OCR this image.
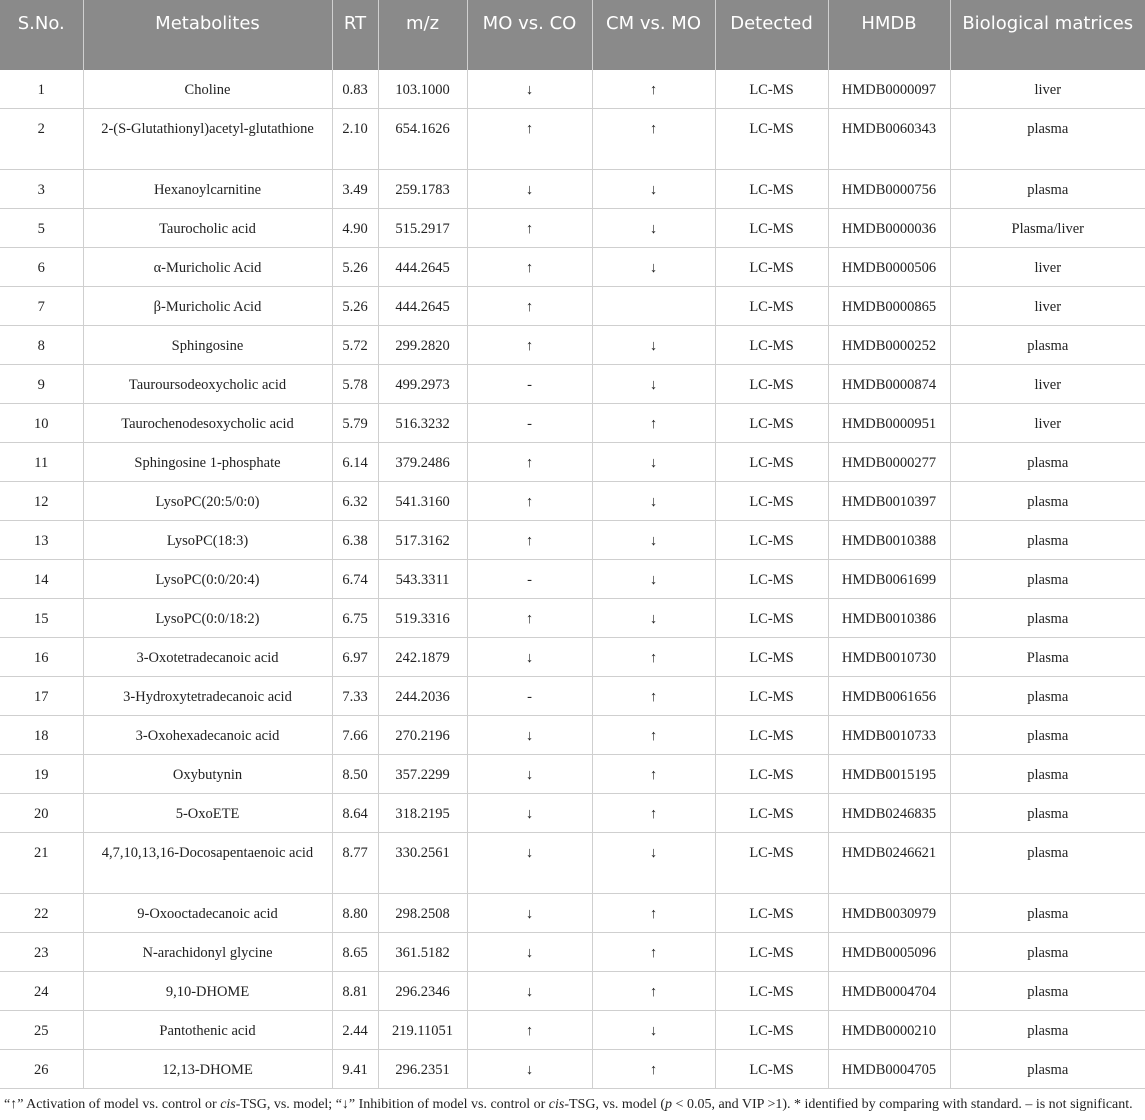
S.No.	Metabolites	RT	m/z	MO vs. CO	CM vs. MO	Detected	HMDB	Biological matrices
1	Choline	0.83	103.1000	↓	↑	LC-MS	HMDB0000097	liver
2	2-(S-Glutathionyl)acetyl-glutathione	2.10	654.1626	↑	↑	LC-MS	HMDB0060343	plasma
3	Hexanoylcarnitine	3.49	259.1783	↓	↓	LC-MS	HMDB0000756	plasma
5	Taurocholic acid	4.90	515.2917	↑	↓	LC-MS	HMDB0000036	Plasma/liver
6	α-Muricholic Acid	5.26	444.2645	↑	↓	LC-MS	HMDB0000506	liver
7	β-Muricholic Acid	5.26	444.2645	↑		LC-MS	HMDB0000865	liver
8	Sphingosine	5.72	299.2820	↑	↓	LC-MS	HMDB0000252	plasma
9	Tauroursodeoxycholic acid	5.78	499.2973	-	↓	LC-MS	HMDB0000874	liver
10	Taurochenodesoxycholic acid	5.79	516.3232	-	↑	LC-MS	HMDB0000951	liver
11	Sphingosine 1-phosphate	6.14	379.2486	↑	↓	LC-MS	HMDB0000277	plasma
12	LysoPC(20:5/0:0)	6.32	541.3160	↑	↓	LC-MS	HMDB0010397	plasma
13	LysoPC(18:3)	6.38	517.3162	↑	↓	LC-MS	HMDB0010388	plasma
14	LysoPC(0:0/20:4)	6.74	543.3311	-	↓	LC-MS	HMDB0061699	plasma
15	LysoPC(0:0/18:2)	6.75	519.3316	↑	↓	LC-MS	HMDB0010386	plasma
16	3-Oxotetradecanoic acid	6.97	242.1879	↓	↑	LC-MS	HMDB0010730	Plasma
17	3-Hydroxytetradecanoic acid	7.33	244.2036	-	↑	LC-MS	HMDB0061656	plasma
18	3-Oxohexadecanoic acid	7.66	270.2196	↓	↑	LC-MS	HMDB0010733	plasma
19	Oxybutynin	8.50	357.2299	↓	↑	LC-MS	HMDB0015195	plasma
20	5-OxoETE	8.64	318.2195	↓	↑	LC-MS	HMDB0246835	plasma
21	4,7,10,13,16-Docosapentaenoic acid	8.77	330.2561	↓	↓	LC-MS	HMDB0246621	plasma
22	9-Oxooctadecanoic acid	8.80	298.2508	↓	↑	LC-MS	HMDB0030979	plasma
23	N-arachidonyl glycine	8.65	361.5182	↓	↑	LC-MS	HMDB0005096	plasma
24	9,10-DHOME	8.81	296.2346	↓	↑	LC-MS	HMDB0004704	plasma
25	Pantothenic acid	2.44	219.11051	↑	↓	LC-MS	HMDB0000210	plasma
26	12,13-DHOME	9.41	296.2351	↓	↑	LC-MS	HMDB0004705	plasma
“↑” Activation of model vs. control or cis-TSG, vs. model; “↓” Inhibition of model vs. control or cis-TSG, vs. model (p < 0.05, and VIP >1). * identified by comparing with standard. – is not significant.
